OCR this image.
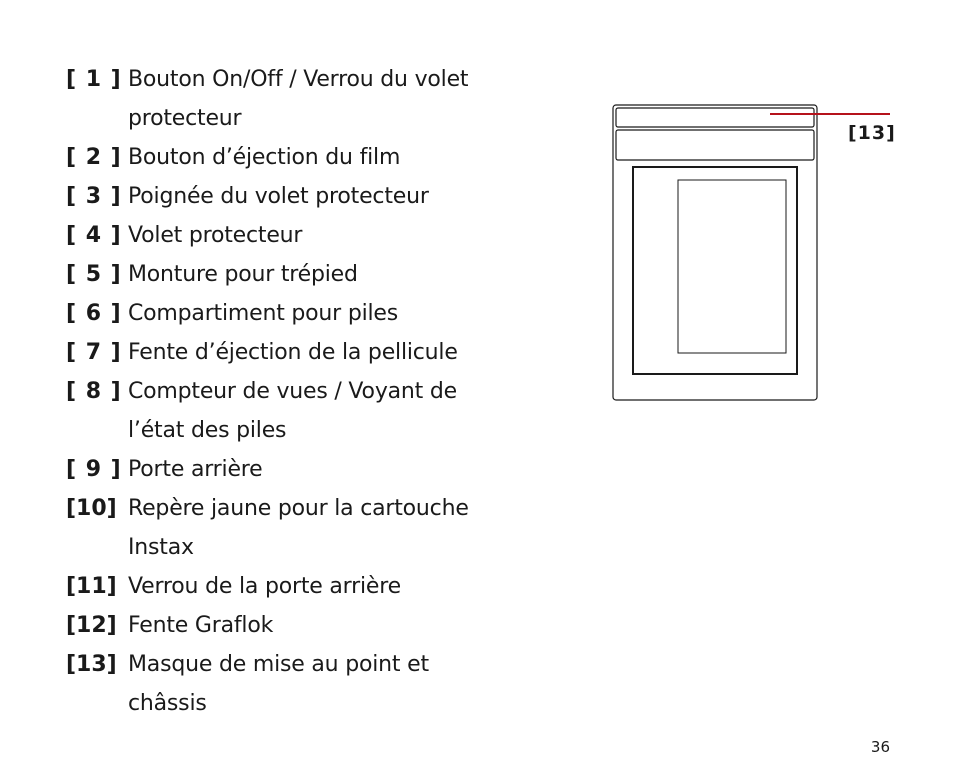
[ 1 ] Bouton On/Off / Verrou du volet
protecteur
[ 2 ] Bouton d’éjection du film
[ 3 ] Poignée du volet protecteur
[ 4 ] Volet protecteur
[ 5 ] Monture pour trépied
[ 6 ] Compartiment pour piles
[ 7 ] Fente d’éjection de la pellicule
[ 8 ] Compteur de vues / Voyant de
l’état des piles
[ 9 ] Porte arrière
[10] Repère jaune pour la cartouche
Instax
[11] Verrou de la porte arrière
[12] Fente Graflok
[13] Masque de mise au point et
châssis
[13]
36
